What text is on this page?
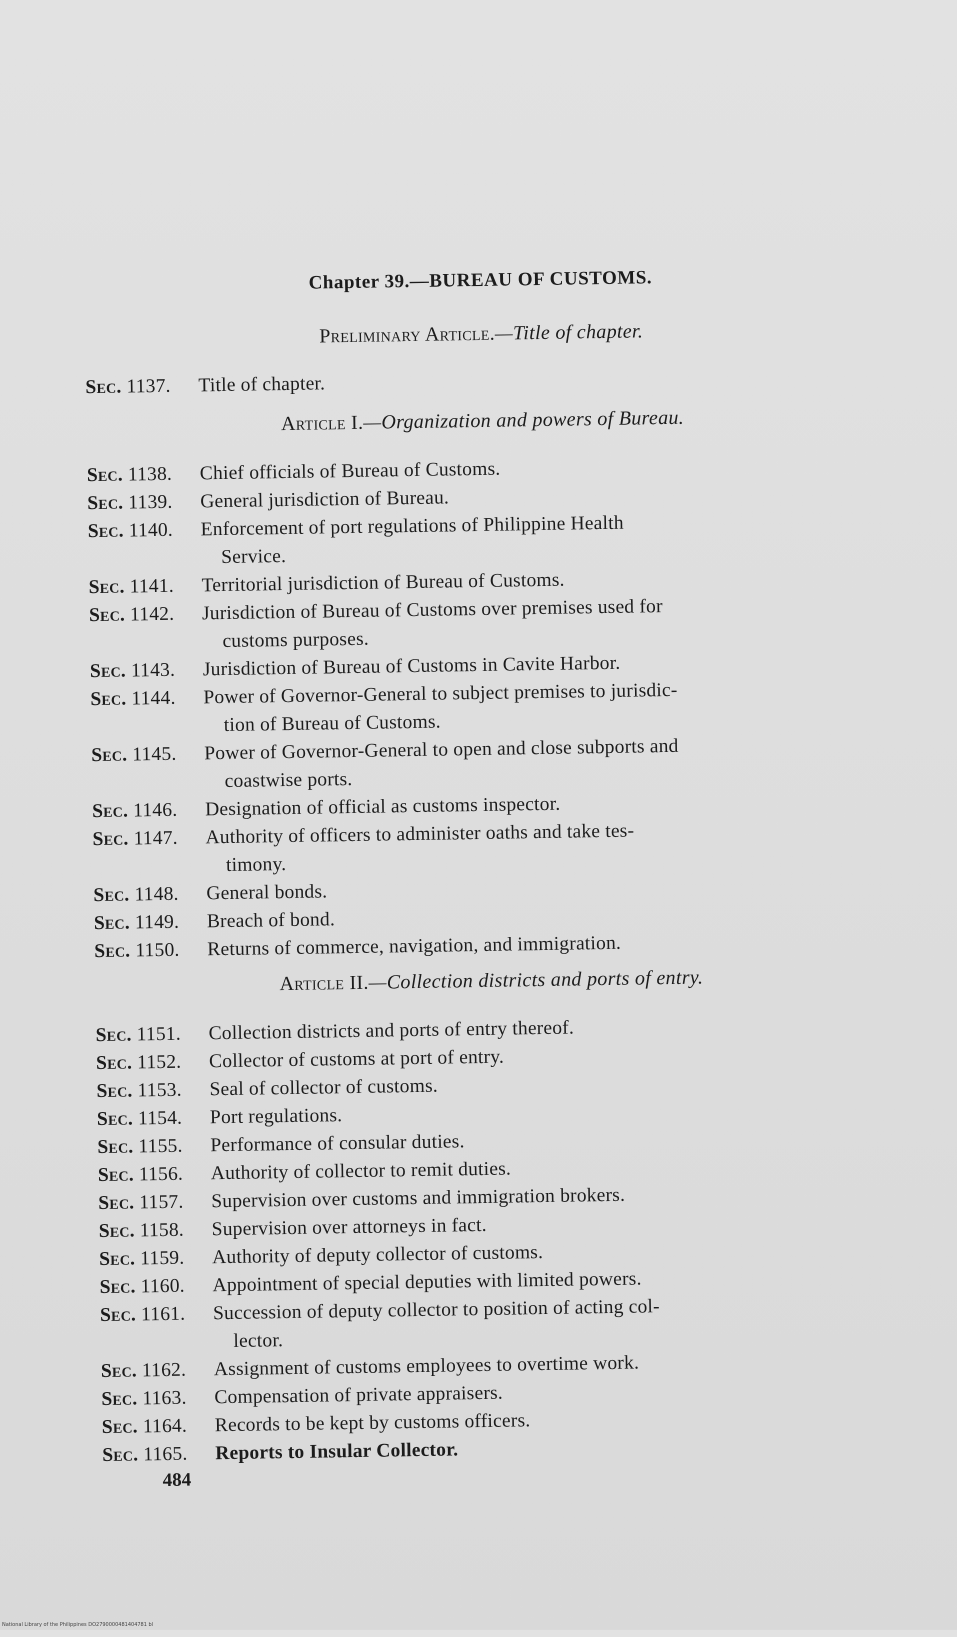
Chapter 39.—BUREAU OF CUSTOMS.
Preliminary Article.—Title of chapter.
Sec. 1137.	Title of chapter.
Article I.—Organization and powers of Bureau.
Sec. 1138.	Chief officials of Bureau of Customs.
Sec. 1139.	General jurisdiction of Bureau.
Sec. 1140.	Enforcement of port regulations of Philippine Health
Service.
Sec. 1141.	Territorial jurisdiction of Bureau of Customs.
Sec. 1142.	Jurisdiction of Bureau of Customs over premises used for
customs purposes.
Sec. 1143.	Jurisdiction of Bureau of Customs in Cavite Harbor.
Sec. 1144.	Power of Governor-General to subject premises to jurisdic-
tion of Bureau of Customs.
Sec. 1145.	Power of Governor-General to open and close subports and
coastwise ports.
Sec. 1146.	Designation of official as customs inspector.
Sec. 1147.	Authority of officers to administer oaths and take tes-
timony.
Sec. 1148.	General bonds.
Sec. 1149.	Breach of bond.
Sec. 1150.	Returns of commerce, navigation, and immigration.
Article II.—Collection districts and ports of entry.
Sec. 1151.	Collection districts and ports of entry thereof.
Sec. 1152.	Collector of customs at port of entry.
Sec. 1153.	Seal of collector of customs.
Sec. 1154.	Port regulations.
Sec. 1155.	Performance of consular duties.
Sec. 1156.	Authority of collector to remit duties.
Sec. 1157.	Supervision over customs and immigration brokers.
Sec. 1158.	Supervision over attorneys in fact.
Sec. 1159.	Authority of deputy collector of customs.
Sec. 1160.	Appointment of special deputies with limited powers.
Sec. 1161.	Succession of deputy collector to position of acting col-
lector.
Sec. 1162.	Assignment of customs employees to overtime work.
Sec. 1163.	Compensation of private appraisers.
Sec. 1164.	Records to be kept by customs officers.
Sec. 1165.	Reports to Insular Collector.
484
National Library of the Philippines DO2790000481404781 bl
